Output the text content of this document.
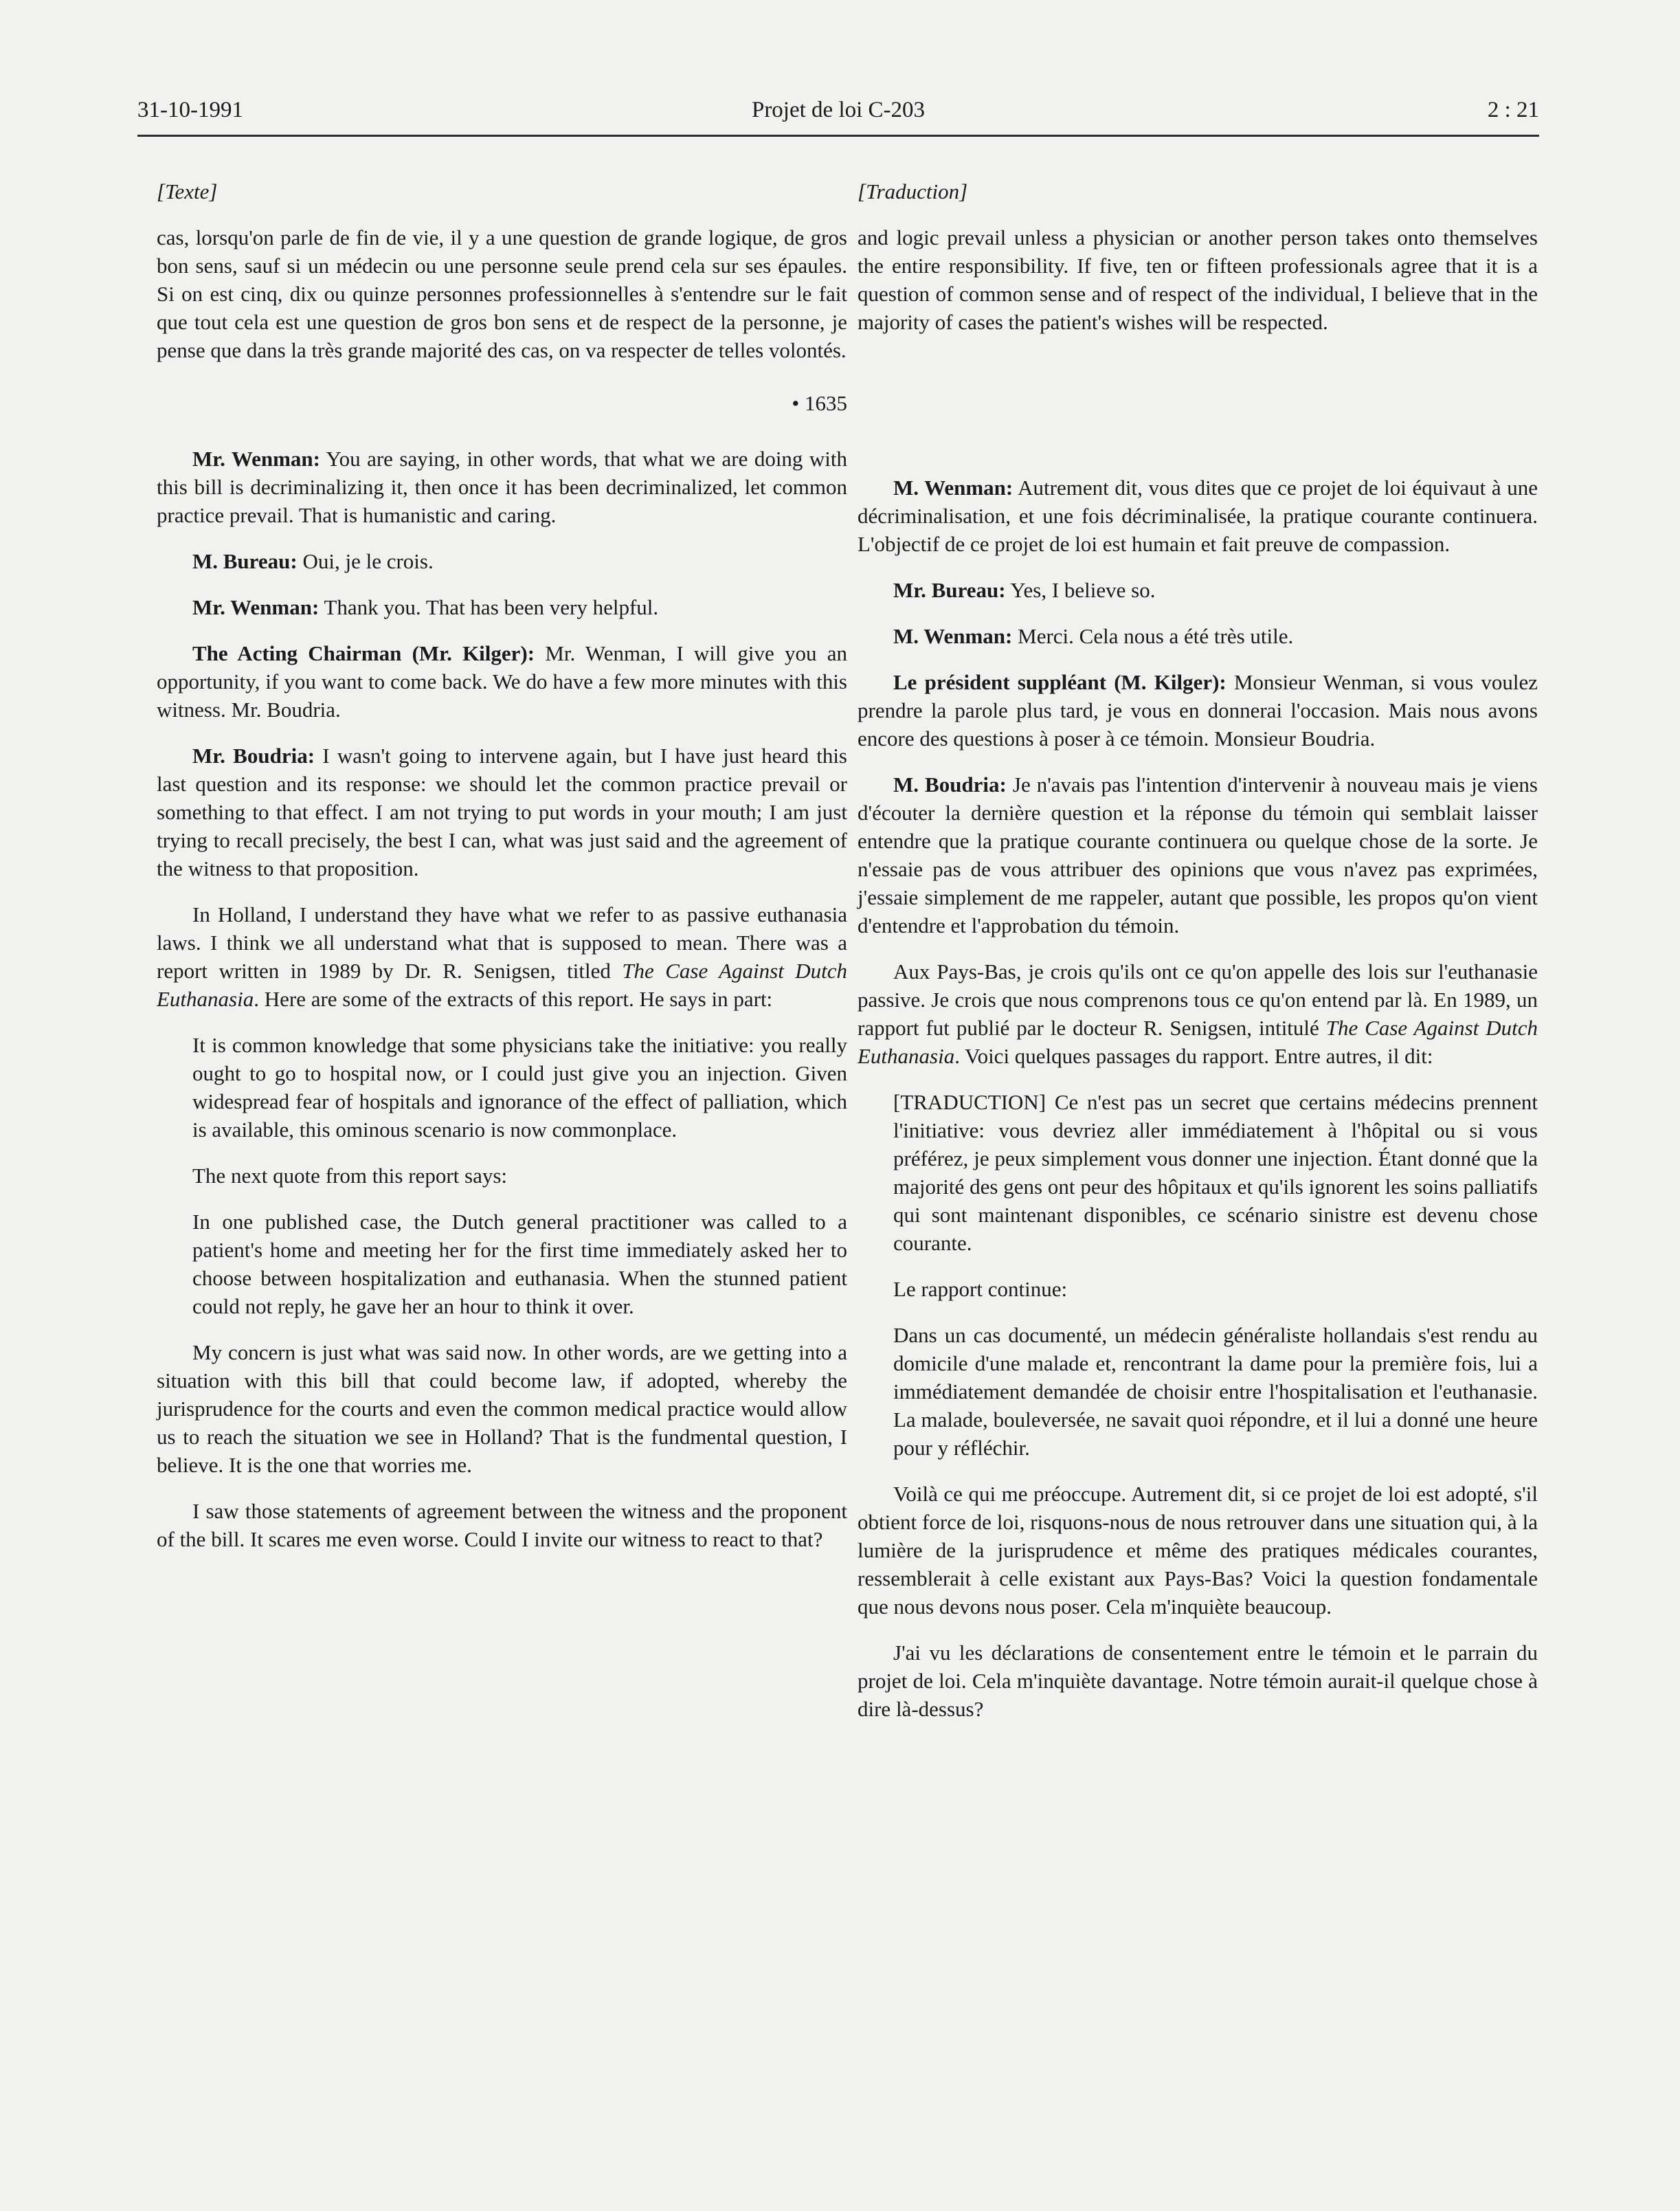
31-10-1991	Projet de loi C-203	2 : 21

[Texte]

cas, lorsqu'on parle de fin de vie, il y a une question de grande logique, de gros bon sens, sauf si un médecin ou une personne seule prend cela sur ses épaules. Si on est cinq, dix ou quinze personnes professionnelles à s'entendre sur le fait que tout cela est une question de gros bon sens et de respect de la personne, je pense que dans la très grande majorité des cas, on va respecter de telles volontés.

• 1635

Mr. Wenman: You are saying, in other words, that what we are doing with this bill is decriminalizing it, then once it has been decriminalized, let common practice prevail. That is humanistic and caring.

M. Bureau: Oui, je le crois.

Mr. Wenman: Thank you. That has been very helpful.

The Acting Chairman (Mr. Kilger): Mr. Wenman, I will give you an opportunity, if you want to come back. We do have a few more minutes with this witness. Mr. Boudria.

Mr. Boudria: I wasn't going to intervene again, but I have just heard this last question and its response: we should let the common practice prevail or something to that effect. I am not trying to put words in your mouth; I am just trying to recall precisely, the best I can, what was just said and the agreement of the witness to that proposition.

In Holland, I understand they have what we refer to as passive euthanasia laws. I think we all understand what that is supposed to mean. There was a report written in 1989 by Dr. R. Senigsen, titled The Case Against Dutch Euthanasia. Here are some of the extracts of this report. He says in part:

It is common knowledge that some physicians take the initiative: you really ought to go to hospital now, or I could just give you an injection. Given widespread fear of hospitals and ignorance of the effect of palliation, which is available, this ominous scenario is now commonplace.

The next quote from this report says:

In one published case, the Dutch general practitioner was called to a patient's home and meeting her for the first time immediately asked her to choose between hospitalization and euthanasia. When the stunned patient could not reply, he gave her an hour to think it over.

My concern is just what was said now. In other words, are we getting into a situation with this bill that could become law, if adopted, whereby the jurisprudence for the courts and even the common medical practice would allow us to reach the situation we see in Holland? That is the fundmental question, I believe. It is the one that worries me.

I saw those statements of agreement between the witness and the proponent of the bill. It scares me even worse. Could I invite our witness to react to that?

[Traduction]

and logic prevail unless a physician or another person takes onto themselves the entire responsibility. If five, ten or fifteen professionals agree that it is a question of common sense and of respect of the individual, I believe that in the majority of cases the patient's wishes will be respected.

M. Wenman: Autrement dit, vous dites que ce projet de loi équivaut à une décriminalisation, et une fois décriminalisée, la pratique courante continuera. L'objectif de ce projet de loi est humain et fait preuve de compassion.

Mr. Bureau: Yes, I believe so.

M. Wenman: Merci. Cela nous a été très utile.

Le président suppléant (M. Kilger): Monsieur Wenman, si vous voulez prendre la parole plus tard, je vous en donnerai l'occasion. Mais nous avons encore des questions à poser à ce témoin. Monsieur Boudria.

M. Boudria: Je n'avais pas l'intention d'intervenir à nouveau mais je viens d'écouter la dernière question et la réponse du témoin qui semblait laisser entendre que la pratique courante continuera ou quelque chose de la sorte. Je n'essaie pas de vous attribuer des opinions que vous n'avez pas exprimées, j'essaie simplement de me rappeler, autant que possible, les propos qu'on vient d'entendre et l'approbation du témoin.

Aux Pays-Bas, je crois qu'ils ont ce qu'on appelle des lois sur l'euthanasie passive. Je crois que nous comprenons tous ce qu'on entend par là. En 1989, un rapport fut publié par le docteur R. Senigsen, intitulé The Case Against Dutch Euthanasia. Voici quelques passages du rapport. Entre autres, il dit:

[TRADUCTION] Ce n'est pas un secret que certains médecins prennent l'initiative: vous devriez aller immédiatement à l'hôpital ou si vous préférez, je peux simplement vous donner une injection. Étant donné que la majorité des gens ont peur des hôpitaux et qu'ils ignorent les soins palliatifs qui sont maintenant disponibles, ce scénario sinistre est devenu chose courante.

Le rapport continue:

Dans un cas documenté, un médecin généraliste hollandais s'est rendu au domicile d'une malade et, rencontrant la dame pour la première fois, lui a immédiatement demandée de choisir entre l'hospitalisation et l'euthanasie. La malade, bouleversée, ne savait quoi répondre, et il lui a donné une heure pour y réfléchir.

Voilà ce qui me préoccupe. Autrement dit, si ce projet de loi est adopté, s'il obtient force de loi, risquons-nous de nous retrouver dans une situation qui, à la lumière de la jurisprudence et même des pratiques médicales courantes, ressemblerait à celle existant aux Pays-Bas? Voici la question fondamentale que nous devons nous poser. Cela m'inquiète beaucoup.

J'ai vu les déclarations de consentement entre le témoin et le parrain du projet de loi. Cela m'inquiète davantage. Notre témoin aurait-il quelque chose à dire là-dessus?
